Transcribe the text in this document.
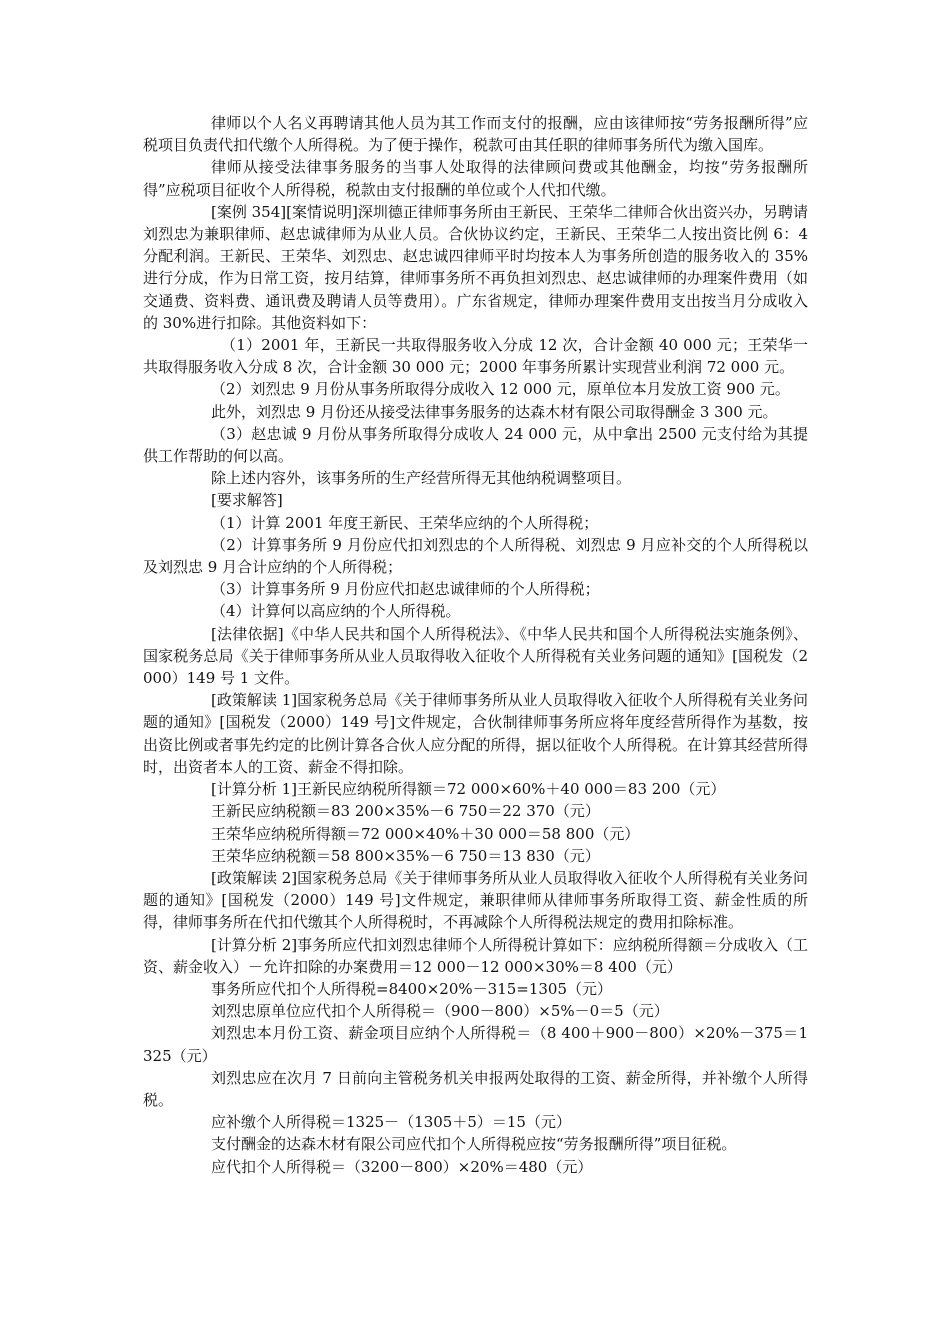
律师以个人名义再聘请其他人员为其工作而支付的报酬，应由该律师按“劳务报酬所得”应税项目负责代扣代缴个人所得税。为了便于操作，税款可由其任职的律师事务所代为缴入国库。

律师从接受法律事务服务的当事人处取得的法律顾问费或其他酬金，均按“劳务报酬所得”应税项目征收个人所得税，税款由支付报酬的单位或个人代扣代缴。

[案例 354][案情说明]深圳德正律师事务所由王新民、王荣华二律师合伙出资兴办，另聘请刘烈忠为兼职律师、赵忠诚律师为从业人员。合伙协议约定，王新民、王荣华二人按出资比例 6：4 分配利润。王新民、王荣华、刘烈忠、赵忠诚四律师平时均按本人为事务所创造的服务收入的 35%进行分成，作为日常工资，按月结算，律师事务所不再负担刘烈忠、赵忠诚律师的办理案件费用（如交通费、资料费、通讯费及聘请人员等费用）。广东省规定，律师办理案件费用支出按当月分成收入的 30%进行扣除。其他资料如下：

（1）2001 年，王新民一共取得服务收入分成 12 次，合计金额 40 000 元；王荣华一共取得服务收入分成 8 次，合计金额 30 000 元；2000 年事务所累计实现营业利润 72 000 元。

（2）刘烈忠 9 月份从事务所取得分成收入 12 000 元，原单位本月发放工资 900 元。

此外，刘烈忠 9 月份还从接受法律事务服务的达森木材有限公司取得酬金 3 300 元。

（3）赵忠诚 9 月份从事务所取得分成收人 24 000 元，从中拿出 2500 元支付给为其提供工作帮助的何以高。

除上述内容外，该事务所的生产经营所得无其他纳税调整项目。

[要求解答]

（1）计算 2001 年度王新民、王荣华应纳的个人所得税；

（2）计算事务所 9 月份应代扣刘烈忠的个人所得税、刘烈忠 9 月应补交的个人所得税以及刘烈忠 9 月合计应纳的个人所得税；

（3）计算事务所 9 月份应代扣赵忠诚律师的个人所得税；

（4）计算何以高应纳的个人所得税。

[法律依据]《中华人民共和国个人所得税法》、《中华人民共和国个人所得税法实施条例》、国家税务总局《关于律师事务所从业人员取得收入征收个人所得税有关业务问题的通知》[国税发（2000）149 号 1 文件。

[政策解读 1]国家税务总局《关于律师事务所从业人员取得收入征收个人所得税有关业务问题的通知》[国税发（2000）149 号]文件规定，合伙制律师事务所应将年度经营所得作为基数，按出资比例或者事先约定的比例计算各合伙人应分配的所得，据以征收个人所得税。在计算其经营所得时，出资者本人的工资、薪金不得扣除。

[计算分析 1]王新民应纳税所得额＝72 000×60%＋40 000＝83 200（元）

王新民应纳税额＝83 200×35%－6 750＝22 370（元）

王荣华应纳税所得额＝72 000×40%＋30 000＝58 800（元）

王荣华应纳税额＝58 800×35%－6 750＝13 830（元）

[政策解读 2]国家税务总局《关于律师事务所从业人员取得收入征收个人所得税有关业务问题的通知》[国税发（2000）149 号]文件规定，兼职律师从律师事务所取得工资、薪金性质的所得，律师事务所在代扣代缴其个人所得税时，不再减除个人所得税法规定的费用扣除标准。

[计算分析 2]事务所应代扣刘烈忠律师个人所得税计算如下：应纳税所得额＝分成收入（工资、薪金收入）－允许扣除的办案费用＝12 000－12 000×30%＝8 400（元）

事务所应代扣个人所得税=8400×20%－315=1305（元）

刘烈忠原单位应代扣个人所得税＝（900－800）×5%－0＝5（元）

刘烈忠本月份工资、薪金项目应纳个人所得税＝（8 400＋900－800）×20%－375＝1 325（元）

刘烈忠应在次月 7 日前向主管税务机关申报两处取得的工资、薪金所得，并补缴个人所得税。

应补缴个人所得税＝1325－（1305＋5）＝15（元）

支付酬金的达森木材有限公司应代扣个人所得税应按“劳务报酬所得”项目征税。

应代扣个人所得税＝（3200－800）×20%＝480（元）
